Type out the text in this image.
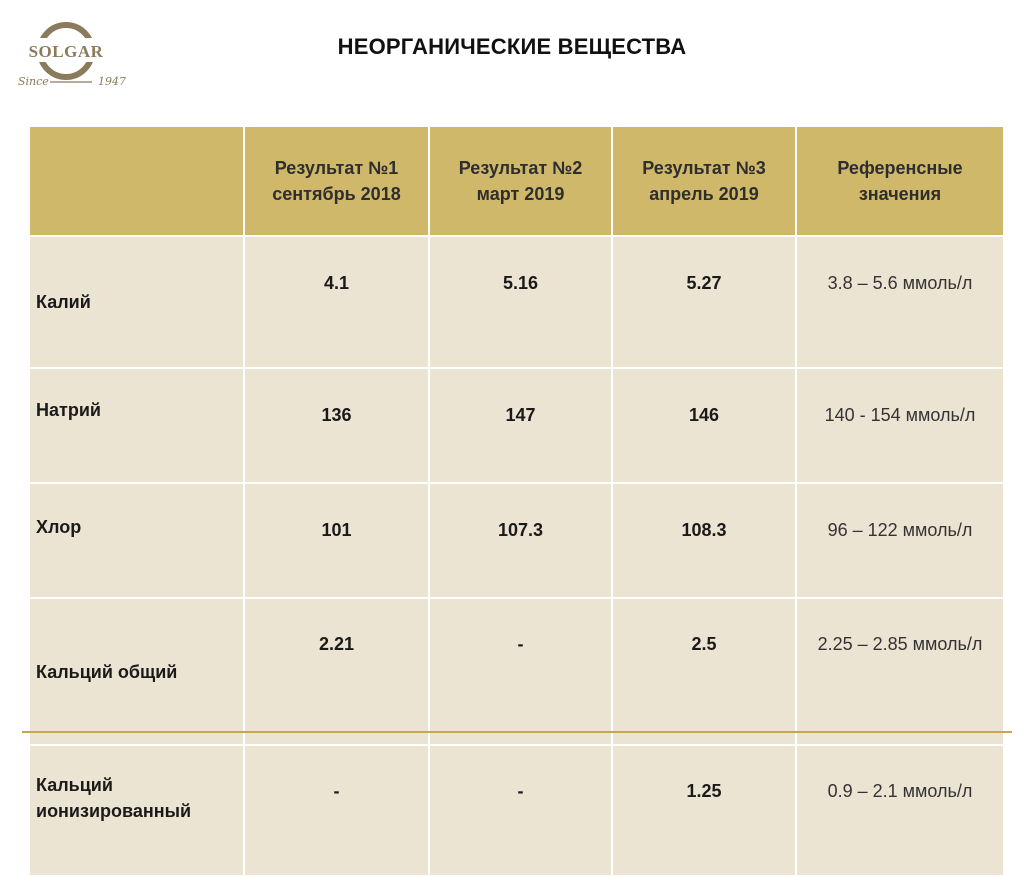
SOLGAR
Since	1947
НЕОРГАНИЧЕСКИЕ ВЕЩЕСТВА
	Результат №1 сентябрь 2018	Результат №2 март 2019	Результат №3 апрель 2019	Референсные значения
Калий	4.1	5.16	5.27	3.8 – 5.6 ммоль/л
Натрий	136	147	146	140 - 154 ммоль/л
Хлор	101	107.3	108.3	96 – 122 ммоль/л
Кальций общий	2.21	-	2.5	2.25 – 2.85 ммоль/л
Кальций ионизированный	-	-	1.25	0.9 – 2.1 ммоль/л
